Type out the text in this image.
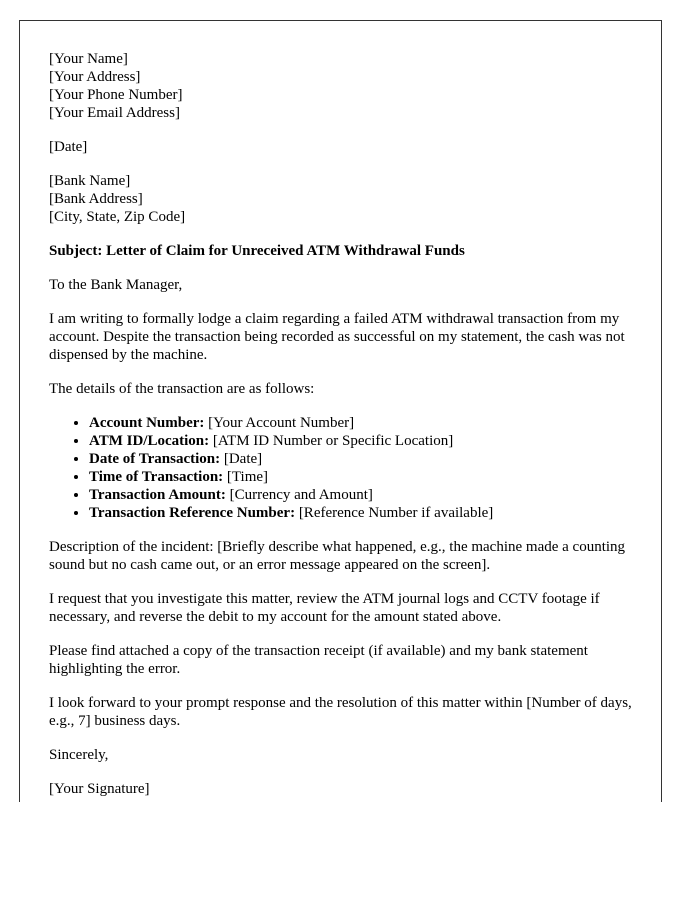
[Your Name]
[Your Address]
[Your Phone Number]
[Your Email Address]

[Date]

[Bank Name]
[Bank Address]
[City, State, Zip Code]

Subject: Letter of Claim for Unreceived ATM Withdrawal Funds

To the Bank Manager,

I am writing to formally lodge a claim regarding a failed ATM withdrawal transaction from my account. Despite the transaction being recorded as successful on my statement, the cash was not dispensed by the machine.

The details of the transaction are as follows:

• Account Number: [Your Account Number]
• ATM ID/Location: [ATM ID Number or Specific Location]
• Date of Transaction: [Date]
• Time of Transaction: [Time]
• Transaction Amount: [Currency and Amount]
• Transaction Reference Number: [Reference Number if available]

Description of the incident: [Briefly describe what happened, e.g., the machine made a counting sound but no cash came out, or an error message appeared on the screen].

I request that you investigate this matter, review the ATM journal logs and CCTV footage if necessary, and reverse the debit to my account for the amount stated above.

Please find attached a copy of the transaction receipt (if available) and my bank statement highlighting the error.

I look forward to your prompt response and the resolution of this matter within [Number of days, e.g., 7] business days.

Sincerely,

[Your Signature]
